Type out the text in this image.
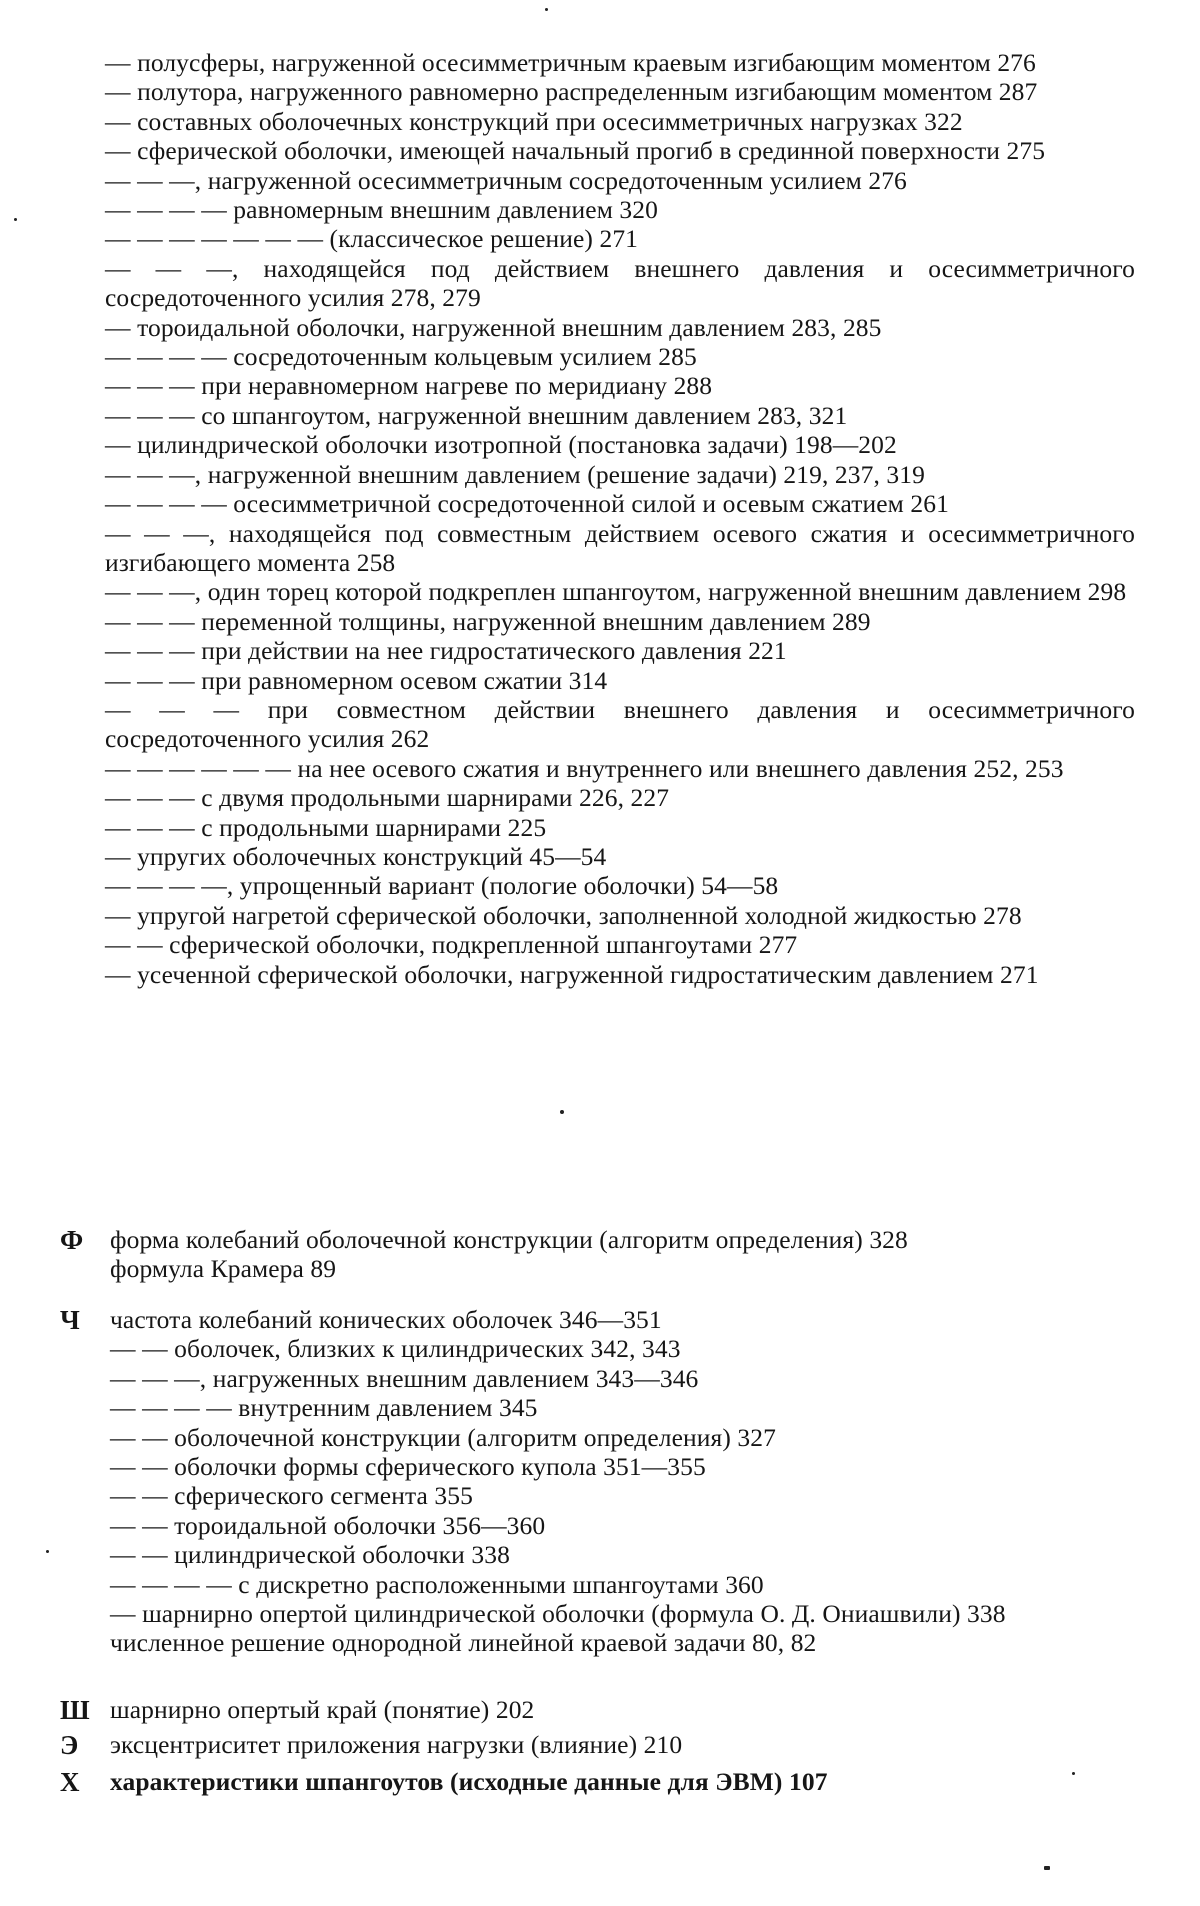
— полусферы, нагруженной осесимметричным краевым изгибающим моментом 276
— полутора, нагруженного равномерно распределенным изгибающим моментом 287
— составных оболочечных конструкций при осесимметричных нагрузках 322
— сферической оболочки, имеющей начальный прогиб в срединной поверхности 275
— — —, нагруженной осесимметричным сосредоточенным усилием 276
— — — — равномерным внешним давлением 320
— — — — — — — (классическое решение) 271
— — —, находящейся под действием внешнего давления и осесимметричного сосредоточенного усилия 278, 279
— тороидальной оболочки, нагруженной внешним давлением 283, 285
— — — — сосредоточенным кольцевым усилием 285
— — — при неравномерном нагреве по меридиану 288
— — — со шпангоутом, нагруженной внешним давлением 283, 321
— цилиндрической оболочки изотропной (постановка задачи) 198—202
— — —, нагруженной внешним давлением (решение задачи) 219, 237, 319
— — — — осесимметричной сосредоточенной силой и осевым сжатием 261
— — —, находящейся под совместным действием осевого сжатия и осесимметричного изгибающего момента 258
— — —, один торец которой подкреплен шпангоутом, нагруженной внешним давлением 298
— — — переменной толщины, нагруженной внешним давлением 289
— — — при действии на нее гидростатического давления 221
— — — при равномерном осевом сжатии 314
— — — при совместном действии внешнего давления и осесимметричного сосредоточенного усилия 262
— — — — — — на нее осевого сжатия и внутреннего или внешнего давления 252, 253
— — — с двумя продольными шарнирами 226, 227
— — — с продольными шарнирами 225
— упругих оболочечных конструкций 45—54
— — — —, упрощенный вариант (пологие оболочки) 54—58
— упругой нагретой сферической оболочки, заполненной холодной жидкостью 278
— — сферической оболочки, подкрепленной шпангоутами 277
— усеченной сферической оболочки, нагруженной гидростатическим давлением 271
Ф	форма колебаний оболочечной конструкции (алгоритм определения) 328
формула Крамера 89
Ч	частота колебаний конических оболочек 346—351
— — оболочек, близких к цилиндрических 342, 343
— — —, нагруженных внешним давлением 343—346
— — — — внутренним давлением 345
— — оболочечной конструкции (алгоритм определения) 327
— — оболочки формы сферического купола 351—355
— — сферического сегмента 355
— — тороидальной оболочки 356—360
— — цилиндрической оболочки 338
— — — — с дискретно расположенными шпангоутами 360
— шарнирно опертой цилиндрической оболочки (формула О. Д. Ониашвили) 338
численное решение однородной линейной краевой задачи 80, 82
Ш шарнирно опертый край (понятие) 202
Э	эксцентриситет приложения нагрузки (влияние) 210
Х	характеристики шпангоутов (исходные данные для ЭВМ) 107
